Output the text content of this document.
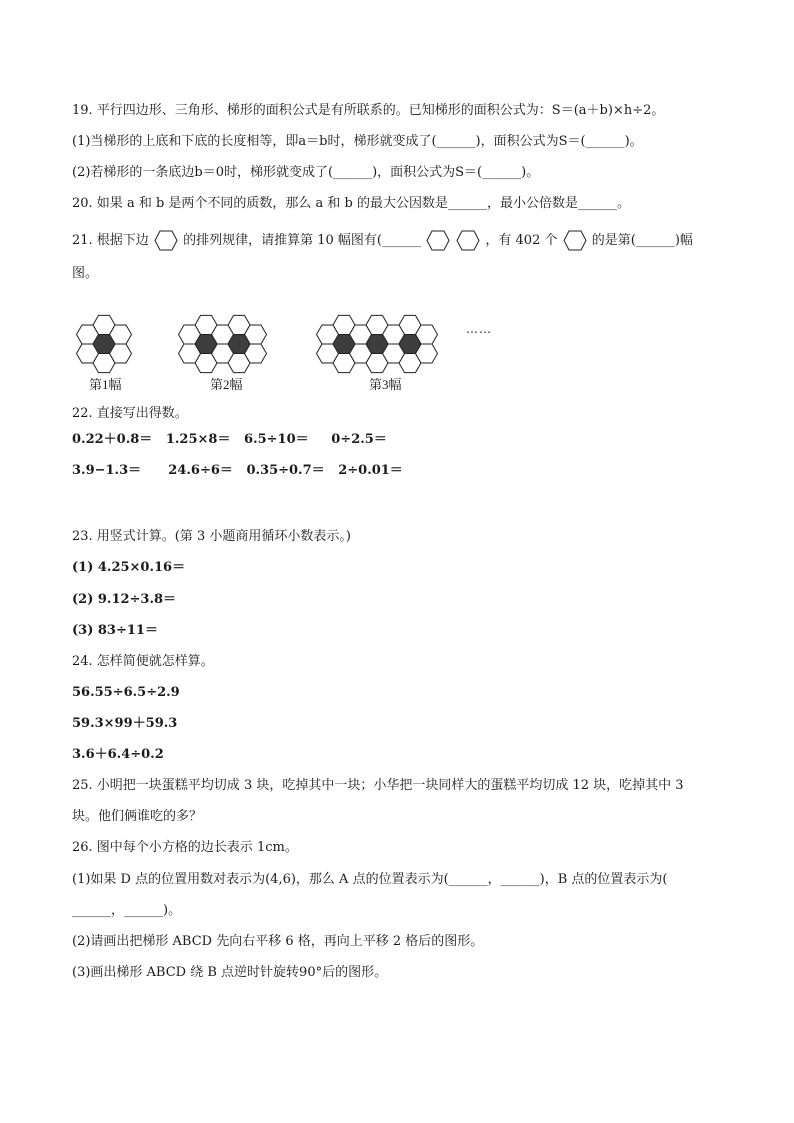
19. 平行四边形、三角形、梯形的面积公式是有所联系的。已知梯形的面积公式为：S＝(a＋b)×h÷2。
(1)当梯形的上底和下底的长度相等，即a＝b时，梯形就变成了(______)，面积公式为S＝(______)。
(2)若梯形的一条底边b＝0时，梯形就变成了(______)，面积公式为S＝(______)。
20. 如果 a 和 b 是两个不同的质数，那么 a 和 b 的最大公因数是______，最小公倍数是______。
21. 根据下边	的排列规律，请推算第 10 幅图有(______	，有 402 个	的是第(______)幅
图。
……
第1幅	第2幅	第3幅
22. 直接写出得数。
0.22＋0.8＝   1.25×8＝   6.5÷10＝     0÷2.5＝
3.9−1.3＝      24.6÷6＝   0.35÷0.7＝   2÷0.01＝
23. 用竖式计算。(第 3 小题商用循环小数表示。)
(1) 4.25×0.16＝
(2) 9.12÷3.8＝
(3) 83÷11＝
24. 怎样简便就怎样算。
56.55÷6.5÷2.9
59.3×99＋59.3
3.6＋6.4÷0.2
25. 小明把一块蛋糕平均切成 3 块，吃掉其中一块；小华把一块同样大的蛋糕平均切成 12 块，吃掉其中 3
块。他们俩谁吃的多？
26. 图中每个小方格的边长表示 1cm。
(1)如果 D 点的位置用数对表示为(4,6)，那么 A 点的位置表示为(______，______)，B 点的位置表示为(
______，______)。
(2)请画出把梯形 ABCD 先向右平移 6 格，再向上平移 2 格后的图形。
(3)画出梯形 ABCD 绕 B 点逆时针旋转90°后的图形。
